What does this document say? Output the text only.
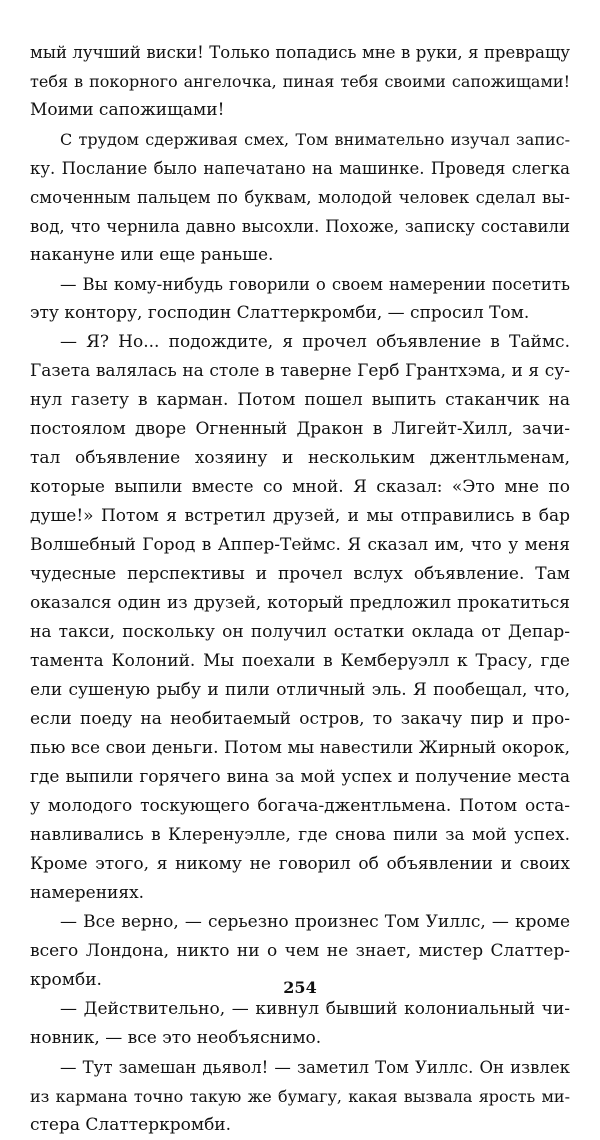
мый лучший виски! Только попадись мне в руки, я превращу
тебя в покорного ангелочка, пиная тебя своими сапожищами!
Моими сапожищами!
С трудом сдерживая смех, Том внимательно изучал запис-
ку. Послание было напечатано на машинке. Проведя слегка
смоченным пальцем по буквам, молодой человек сделал вы-
вод, что чернила давно высохли. Похоже, записку составили
накануне или еще раньше.
— Вы кому-нибудь говорили о своем намерении посетить
эту контору, господин Слаттеркромби, — спросил Том.
— Я? Но... подождите, я прочел объявление в Таймс.
Газета валялась на столе в таверне Герб Грантхэма, и я су-
нул газету в карман. Потом пошел выпить стаканчик на
постоялом дворе Огненный Дракон в Лигейт-Хилл, зачи-
тал объявление хозяину и нескольким джентльменам,
которые выпили вместе со мной. Я сказал: «Это мне по
душе!» Потом я встретил друзей, и мы отправились в бар
Волшебный Город в Аппер-Теймс. Я сказал им, что у меня
чудесные перспективы и прочел вслух объявление. Там
оказался один из друзей, который предложил прокатиться
на такси, поскольку он получил остатки оклада от Депар-
тамента Колоний. Мы поехали в Кемберуэлл к Трасу, где
ели сушеную рыбу и пили отличный эль. Я пообещал, что,
если поеду на необитаемый остров, то закачу пир и про-
пью все свои деньги. Потом мы навестили Жирный окорок,
где выпили горячего вина за мой успех и получение места
у молодого тоскующего богача-джентльмена. Потом оста-
навливались в Клеренуэлле, где снова пили за мой успех.
Кроме этого, я никому не говорил об объявлении и своих
намерениях.
— Все верно, — серьезно произнес Том Уиллс, — кроме
всего Лондона, никто ни о чем не знает, мистер Слаттер-
кромби.
— Действительно, — кивнул бывший колониальный чи-
новник, — все это необъяснимо.
— Тут замешан дьявол! — заметил Том Уиллс. Он извлек
из кармана точно такую же бумагу, какая вызвала ярость ми-
стера Слаттеркромби.
254
